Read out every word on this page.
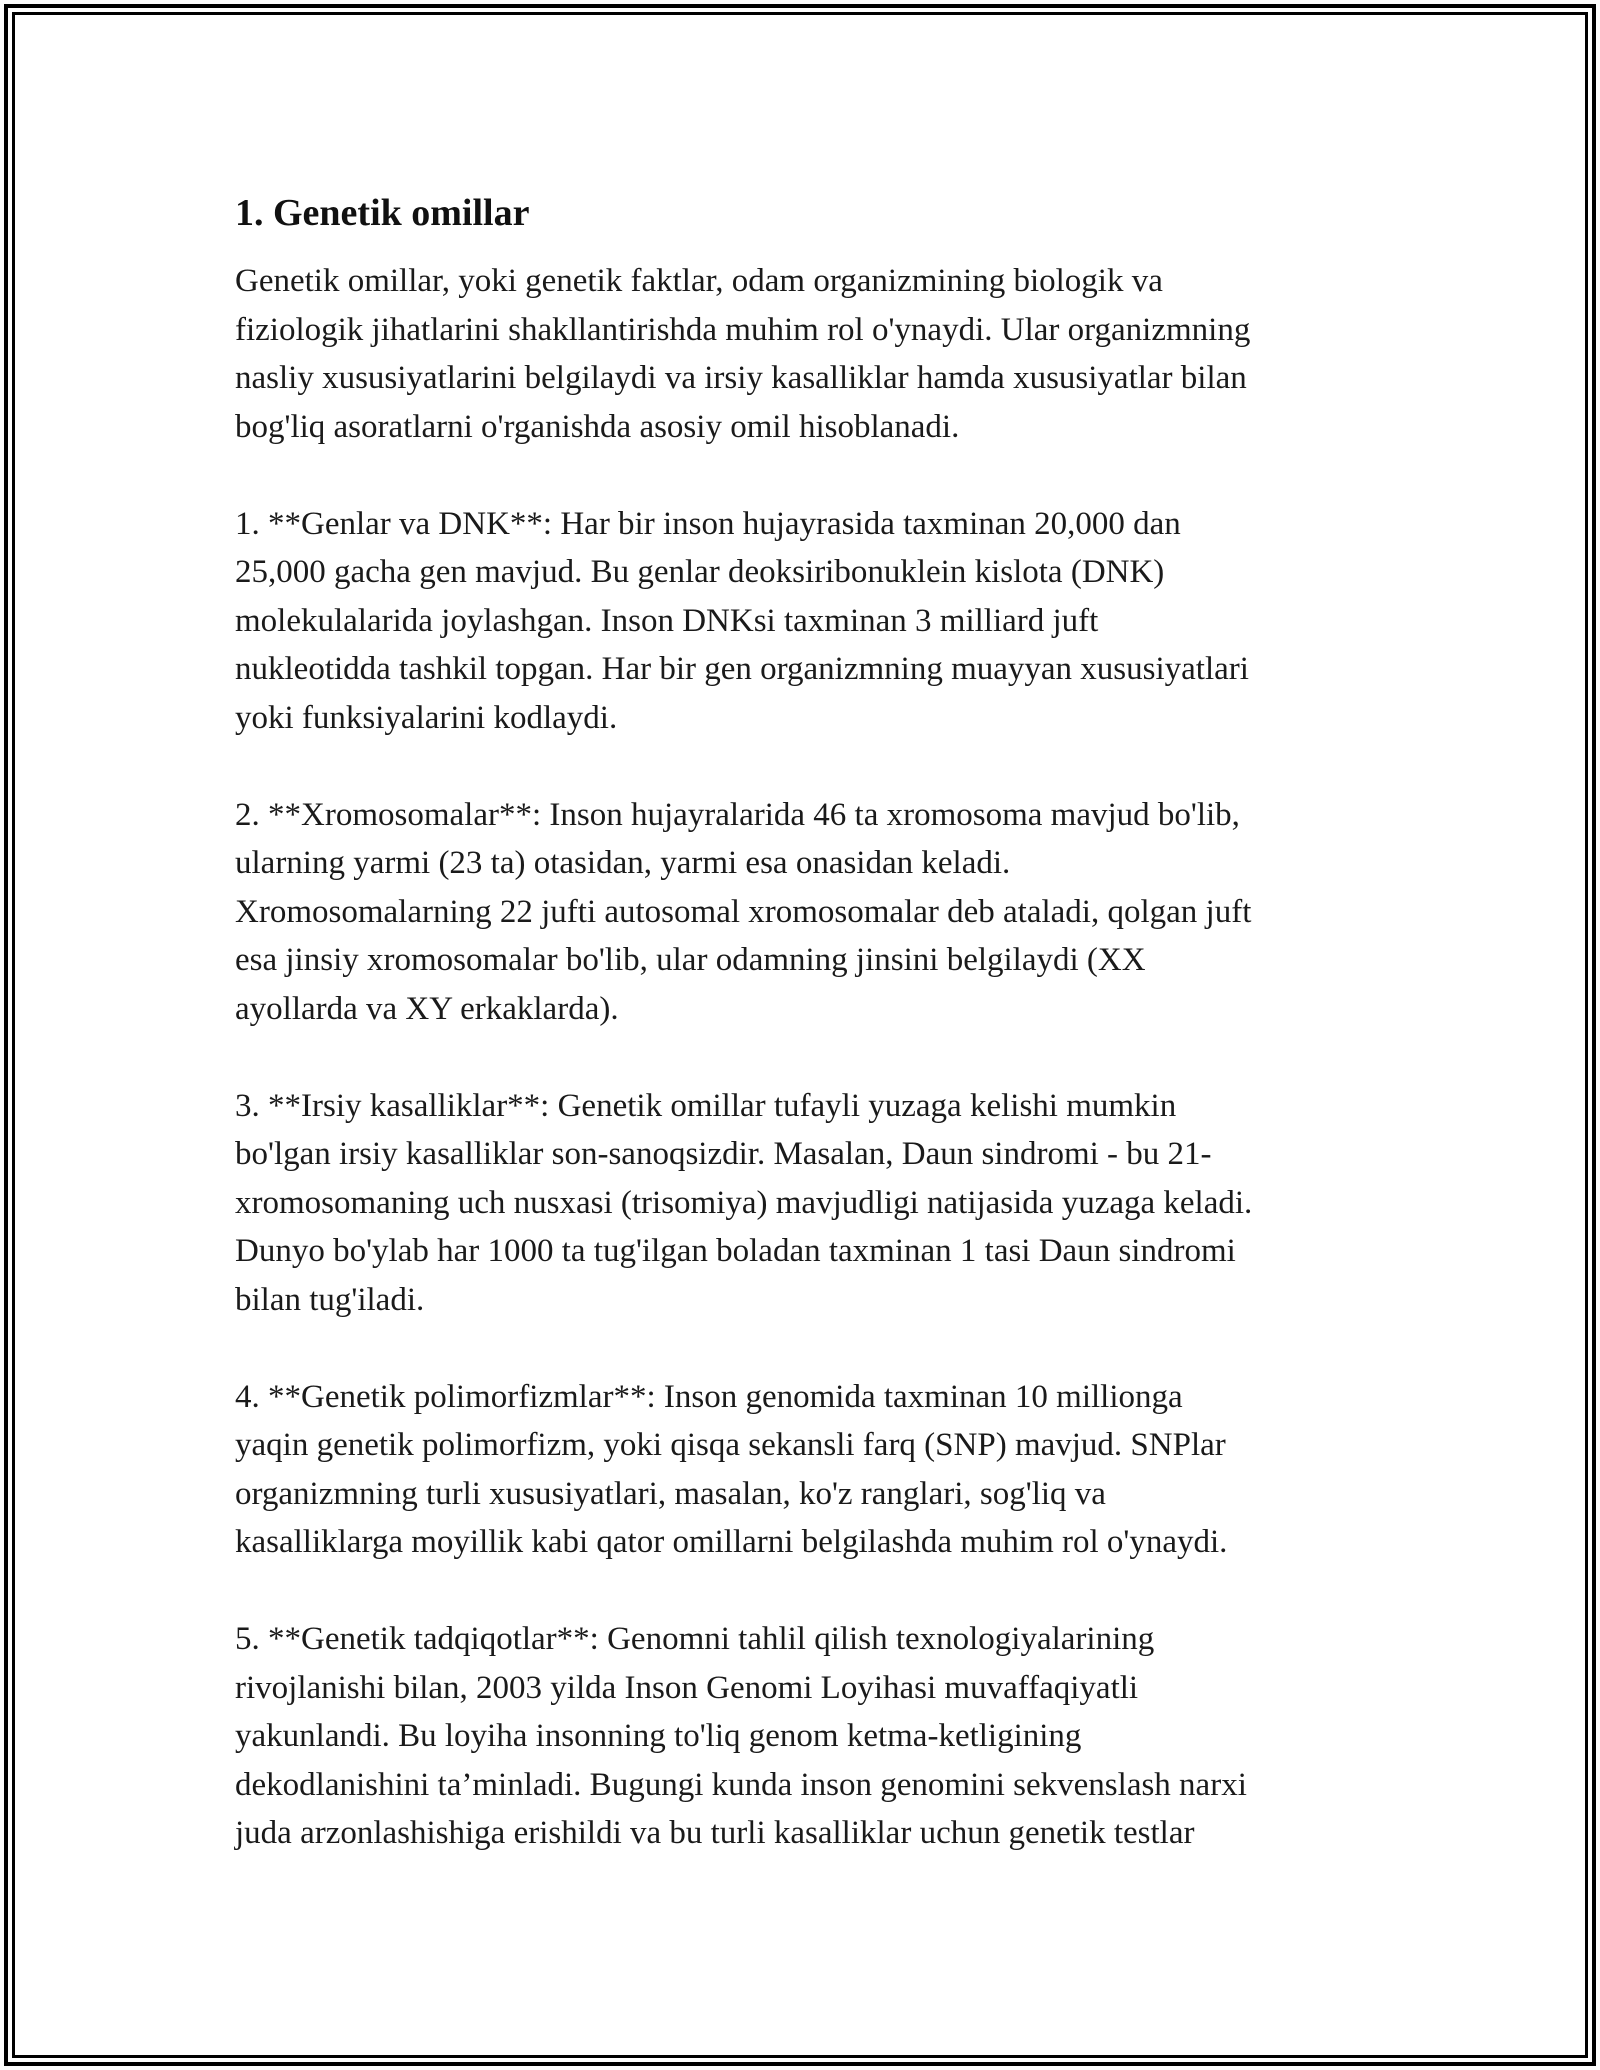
1. Genetik omillar

Genetik omillar, yoki genetik faktlar, odam organizmining biologik va
fiziologik jihatlarini shakllantirishda muhim rol o'ynaydi. Ular organizmning
nasliy xususiyatlarini belgilaydi va irsiy kasalliklar hamda xususiyatlar bilan
bog'liq asoratlarni o'rganishda asosiy omil hisoblanadi.

1. **Genlar va DNK**: Har bir inson hujayrasida taxminan 20,000 dan
25,000 gacha gen mavjud. Bu genlar deoksiribonuklein kislota (DNK)
molekulalarida joylashgan. Inson DNKsi taxminan 3 milliard juft
nukleotidda tashkil topgan. Har bir gen organizmning muayyan xususiyatlari
yoki funksiyalarini kodlaydi.

2. **Xromosomalar**: Inson hujayralarida 46 ta xromosoma mavjud bo'lib,
ularning yarmi (23 ta) otasidan, yarmi esa onasidan keladi.
Xromosomalarning 22 jufti autosomal xromosomalar deb ataladi, qolgan juft
esa jinsiy xromosomalar bo'lib, ular odamning jinsini belgilaydi (XX
ayollarda va XY erkaklarda).

3. **Irsiy kasalliklar**: Genetik omillar tufayli yuzaga kelishi mumkin
bo'lgan irsiy kasalliklar son-sanoqsizdir. Masalan, Daun sindromi - bu 21-
xromosomaning uch nusxasi (trisomiya) mavjudligi natijasida yuzaga keladi.
Dunyo bo'ylab har 1000 ta tug'ilgan boladan taxminan 1 tasi Daun sindromi
bilan tug'iladi.

4. **Genetik polimorfizmlar**: Inson genomida taxminan 10 millionga
yaqin genetik polimorfizm, yoki qisqa sekansli farq (SNP) mavjud. SNPlar
organizmning turli xususiyatlari, masalan, ko'z ranglari, sog'liq va
kasalliklarga moyillik kabi qator omillarni belgilashda muhim rol o'ynaydi.

5. **Genetik tadqiqotlar**: Genomni tahlil qilish texnologiyalarining
rivojlanishi bilan, 2003 yilda Inson Genomi Loyihasi muvaffaqiyatli
yakunlandi. Bu loyiha insonning to'liq genom ketma-ketligining
dekodlanishini ta’minladi. Bugungi kunda inson genomini sekvenslash narxi
juda arzonlashishiga erishildi va bu turli kasalliklar uchun genetik testlar
